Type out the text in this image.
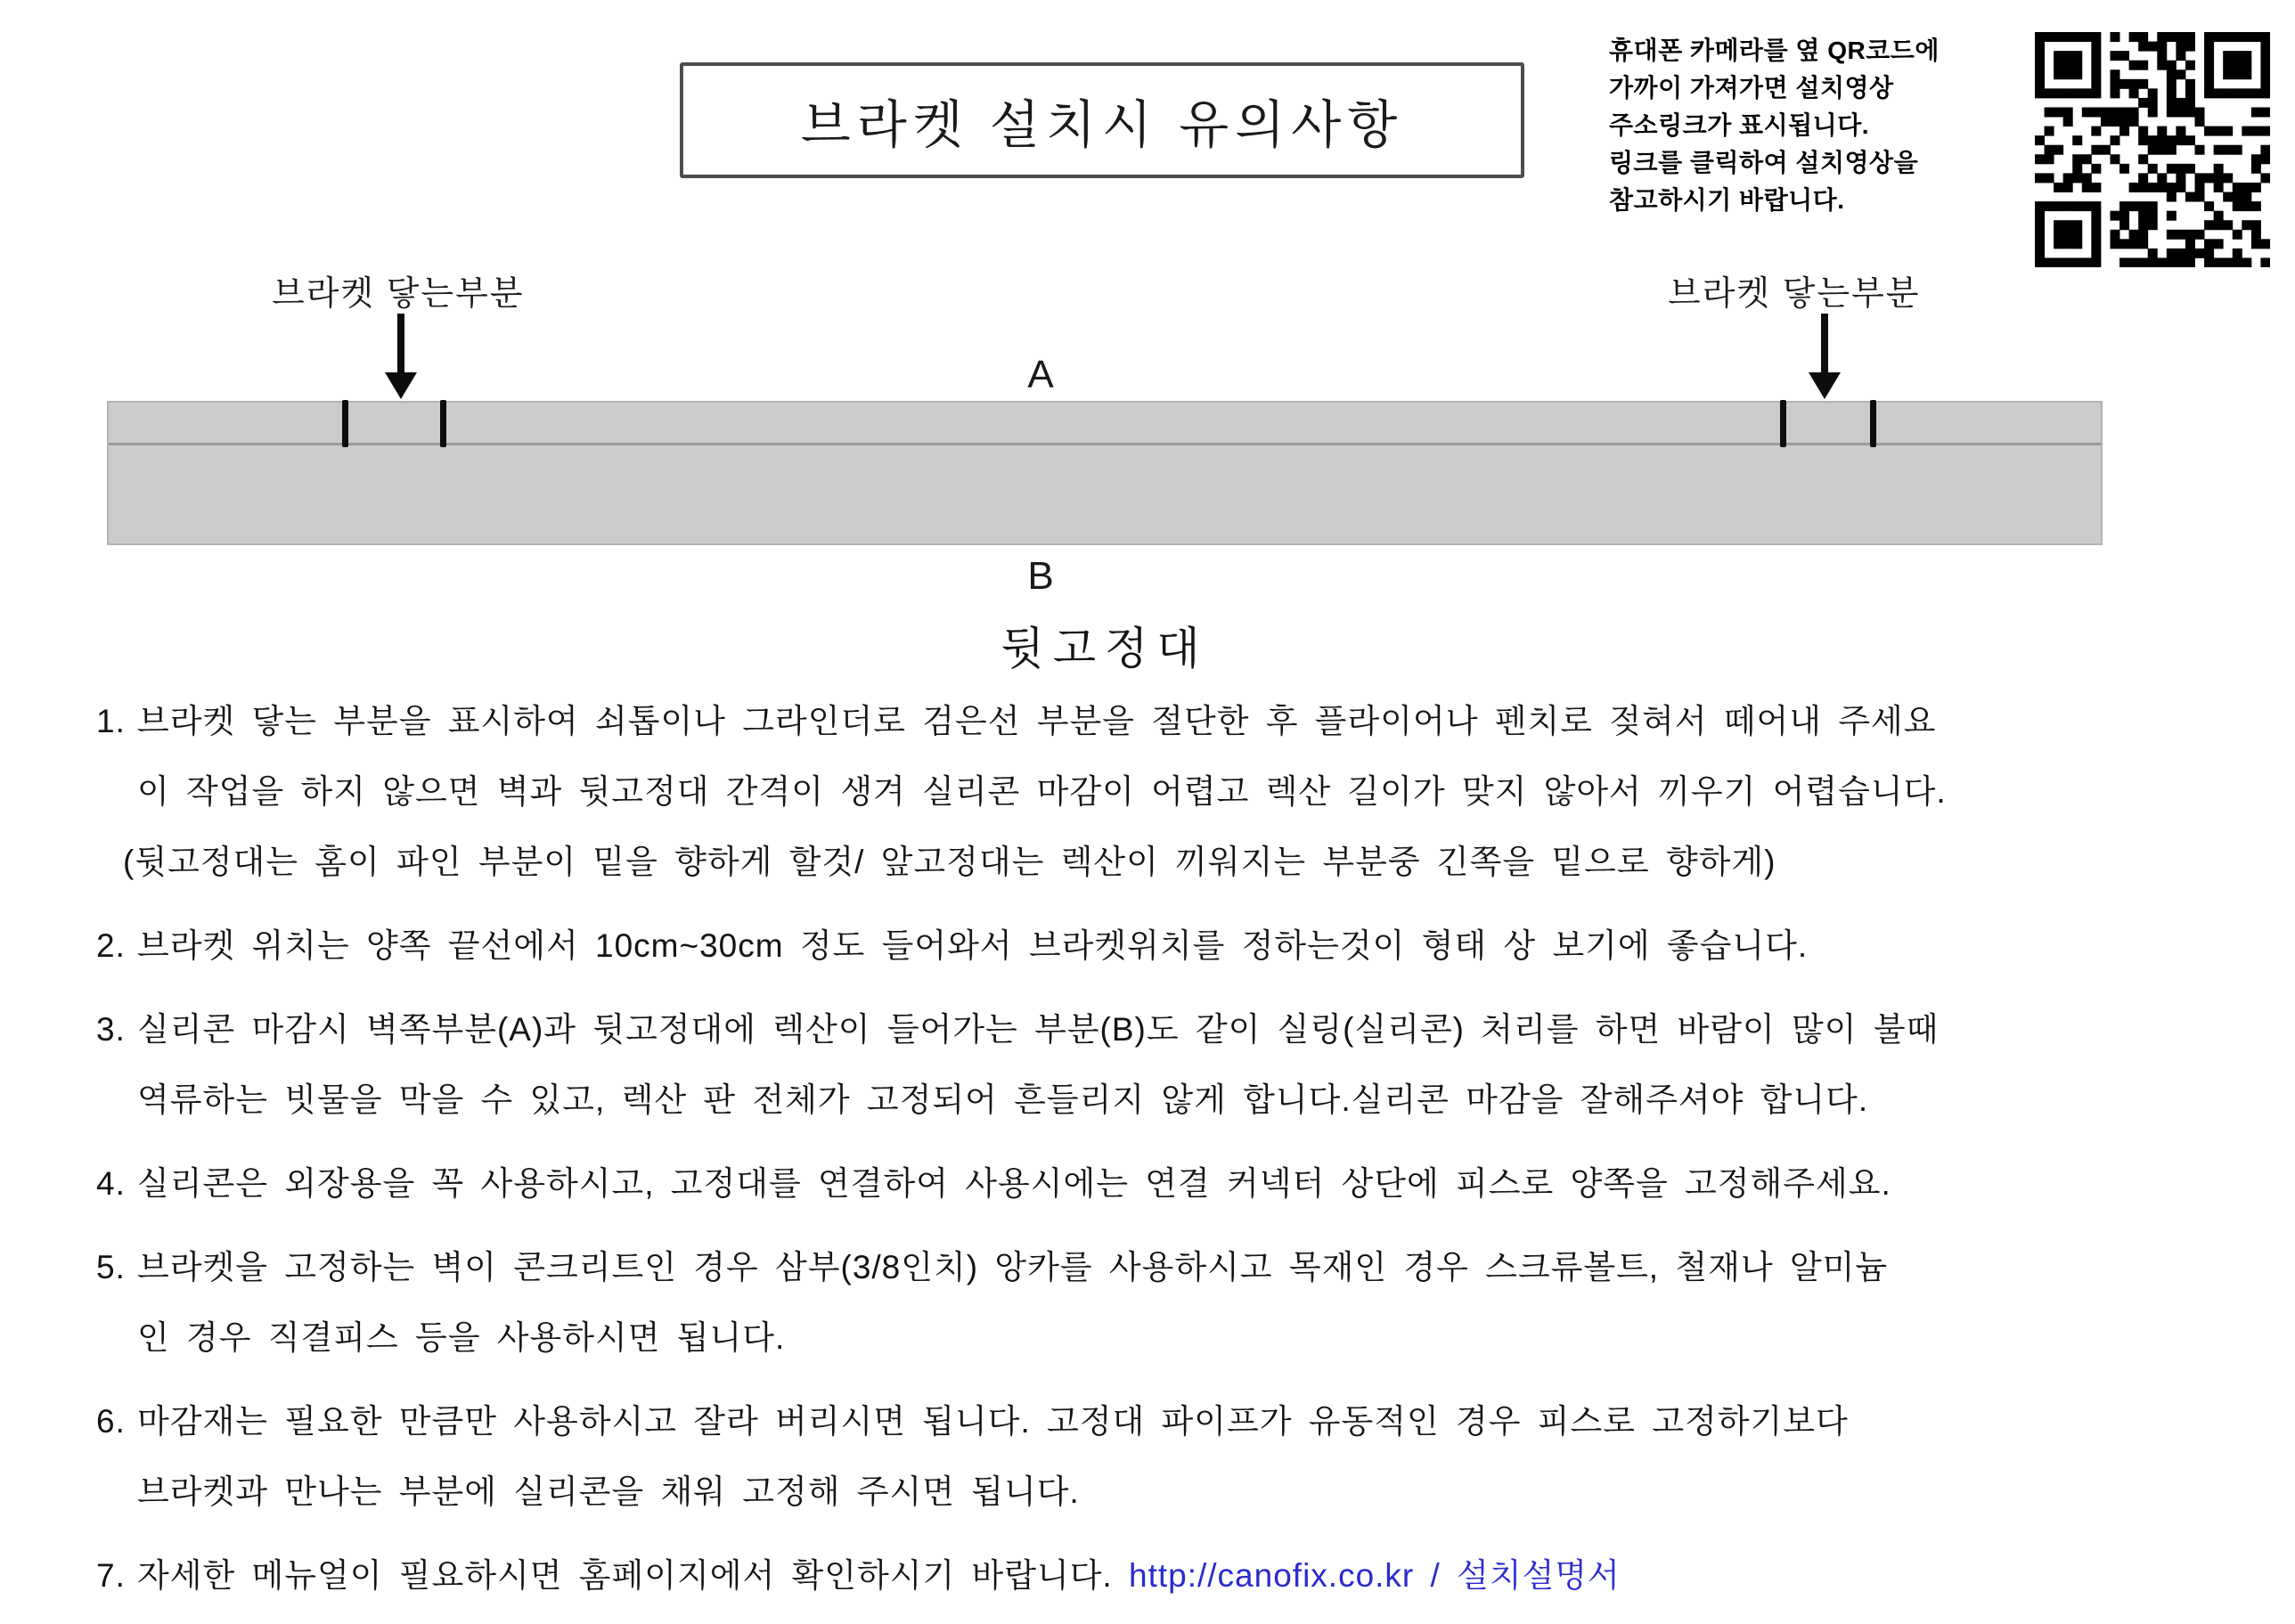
브라켓 설치시 유의사항
휴대폰 카메라를 옆 QR코드에
가까이 가져가면 설치영상
주소링크가 표시됩니다.
링크를 클릭하여 설치영상을
참고하시기 바랍니다.
브라켓 닿는부분	브라켓 닿는부분
A
B
뒷고정대
1. 브라켓 닿는 부분을 표시하여 쇠톱이나 그라인더로 검은선 부분을 절단한 후 플라이어나 펜치로 젖혀서 떼어내 주세요
이 작업을 하지 않으면 벽과 뒷고정대 간격이 생겨 실리콘 마감이 어렵고 렉산 길이가 맞지 않아서 끼우기 어렵습니다.
(뒷고정대는 홈이 파인 부분이 밑을 향하게 할것/ 앞고정대는 렉산이 끼워지는 부분중 긴쪽을 밑으로 향하게)
2. 브라켓 위치는 양쪽 끝선에서 10cm~30cm 정도 들어와서 브라켓위치를 정하는것이 형태 상 보기에 좋습니다.
3. 실리콘 마감시 벽쪽부분(A)과 뒷고정대에 렉산이 들어가는 부분(B)도 같이 실링(실리콘) 처리를 하면 바람이 많이 불때
역류하는 빗물을 막을 수 있고, 렉산 판 전체가 고정되어 흔들리지 않게 합니다.실리콘 마감을 잘해주셔야 합니다.
4. 실리콘은 외장용을 꼭 사용하시고, 고정대를 연결하여 사용시에는 연결 커넥터 상단에 피스로 양쪽을 고정해주세요.
5. 브라켓을 고정하는 벽이 콘크리트인 경우 삼부(3/8인치) 앙카를 사용하시고 목재인 경우 스크류볼트, 철재나 알미늄
인 경우 직결피스 등을 사용하시면 됩니다.
6. 마감재는 필요한 만큼만 사용하시고 잘라 버리시면 됩니다. 고정대 파이프가 유동적인 경우 피스로 고정하기보다
브라켓과 만나는 부분에 실리콘을 채워 고정해 주시면 됩니다.
7. 자세한 메뉴얼이 필요하시면 홈페이지에서 확인하시기 바랍니다. http://canofix.co.kr / 설치설명서
